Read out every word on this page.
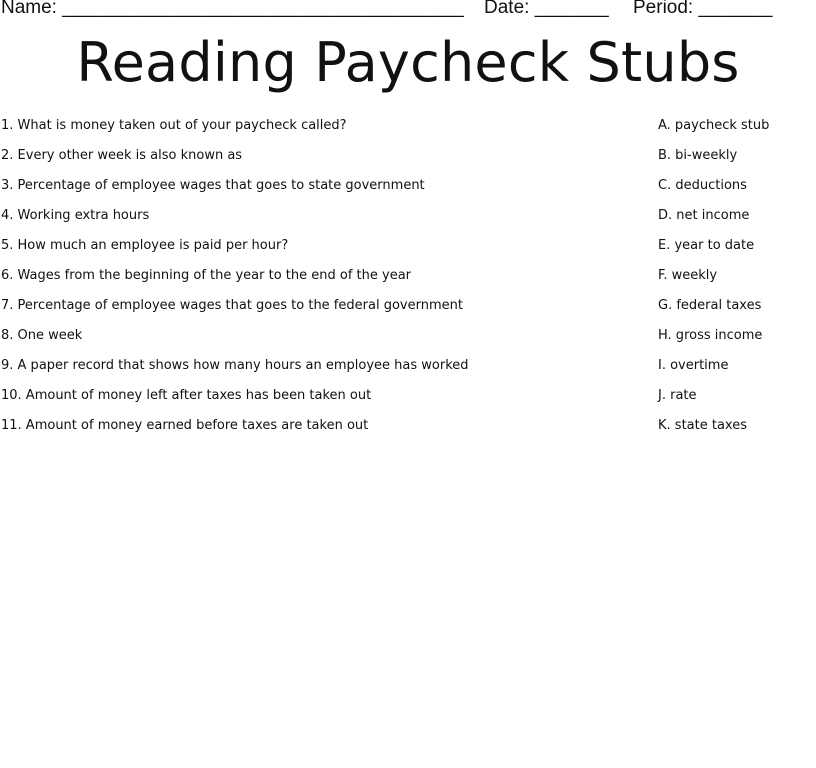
Name: ______________________________________ Date: _______ Period: _______
Reading Paycheck Stubs
1. What is money taken out of your paycheck called?
2. Every other week is also known as
3. Percentage of employee wages that goes to state government
4. Working extra hours
5. How much an employee is paid per hour?
6. Wages from the beginning of the year to the end of the year
7. Percentage of employee wages that goes to the federal government
8. One week
9. A paper record that shows how many hours an employee has worked
10. Amount of money left after taxes has been taken out
11. Amount of money earned before taxes are taken out
A. paycheck stub
B. bi-weekly
C. deductions
D. net income
E. year to date
F. weekly
G. federal taxes
H. gross income
I. overtime
J. rate
K. state taxes
